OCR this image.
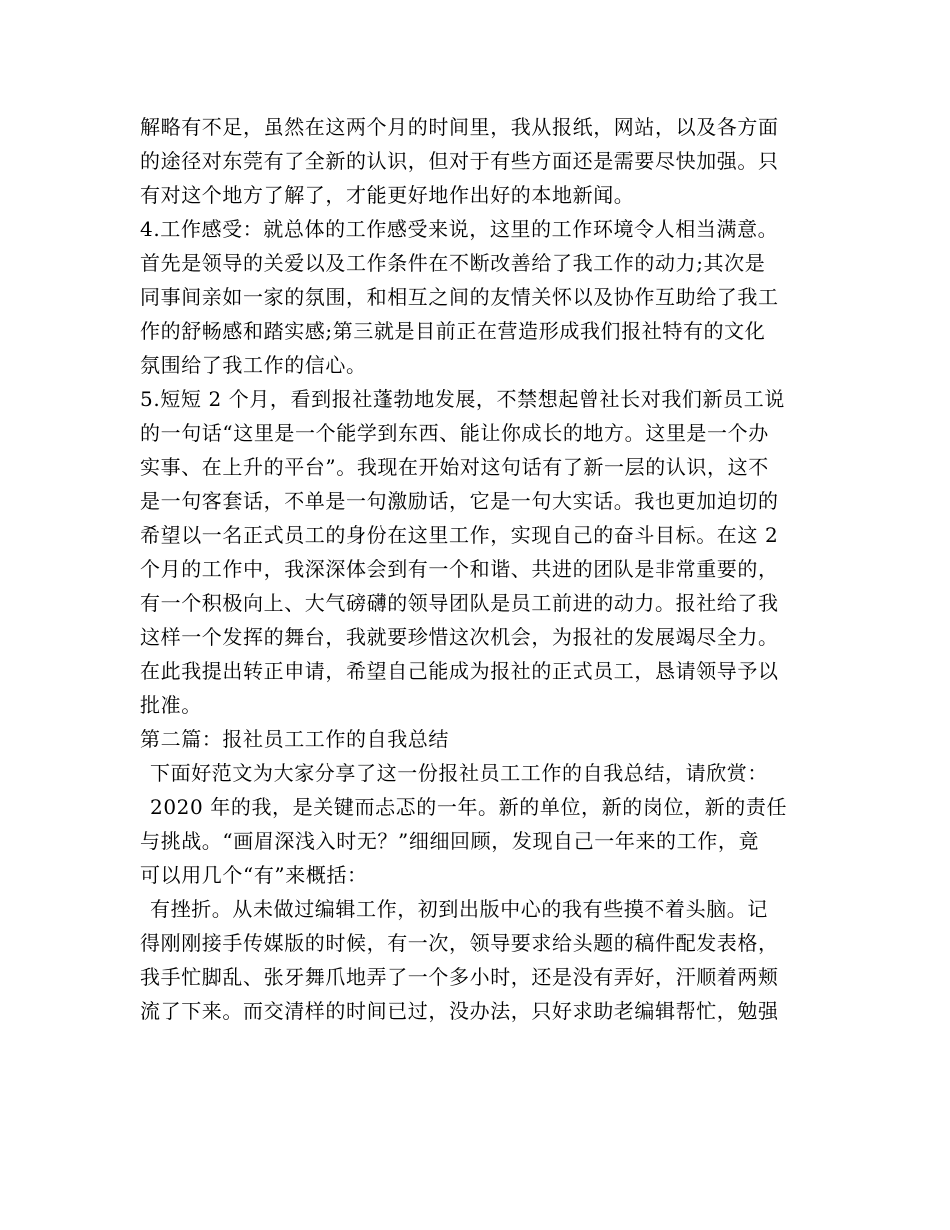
解略有不足，虽然在这两个月的时间里，我从报纸，网站，以及各方面
的途径对东莞有了全新的认识，但对于有些方面还是需要尽快加强。只
有对这个地方了解了，才能更好地作出好的本地新闻。
4.工作感受：就总体的工作感受来说，这里的工作环境令人相当满意。
首先是领导的关爱以及工作条件在不断改善给了我工作的动力;其次是
同事间亲如一家的氛围，和相互之间的友情关怀以及协作互助给了我工
作的舒畅感和踏实感;第三就是目前正在营造形成我们报社特有的文化
氛围给了我工作的信心。
5.短短 2 个月，看到报社蓬勃地发展，不禁想起曾社长对我们新员工说
的一句话“这里是一个能学到东西、能让你成长的地方。这里是一个办
实事、在上升的平台”。我现在开始对这句话有了新一层的认识，这不
是一句客套话，不单是一句激励话，它是一句大实话。我也更加迫切的
希望以一名正式员工的身份在这里工作，实现自己的奋斗目标。在这 2
个月的工作中，我深深体会到有一个和谐、共进的团队是非常重要的，
有一个积极向上、大气磅礴的领导团队是员工前进的动力。报社给了我
这样一个发挥的舞台，我就要珍惜这次机会，为报社的发展竭尽全力。
在此我提出转正申请，希望自己能成为报社的正式员工，恳请领导予以
批准。
第二篇：报社员工工作的自我总结
下面好范文为大家分享了这一份报社员工工作的自我总结，请欣赏：
2020 年的我，是关键而忐忑的一年。新的单位，新的岗位，新的责任
与挑战。“画眉深浅入时无？”细细回顾，发现自己一年来的工作，竟
可以用几个“有”来概括：
有挫折。从未做过编辑工作，初到出版中心的我有些摸不着头脑。记
得刚刚接手传媒版的时候，有一次，领导要求给头题的稿件配发表格，
我手忙脚乱、张牙舞爪地弄了一个多小时，还是没有弄好，汗顺着两颊
流了下来。而交清样的时间已过，没办法，只好求助老编辑帮忙，勉强
